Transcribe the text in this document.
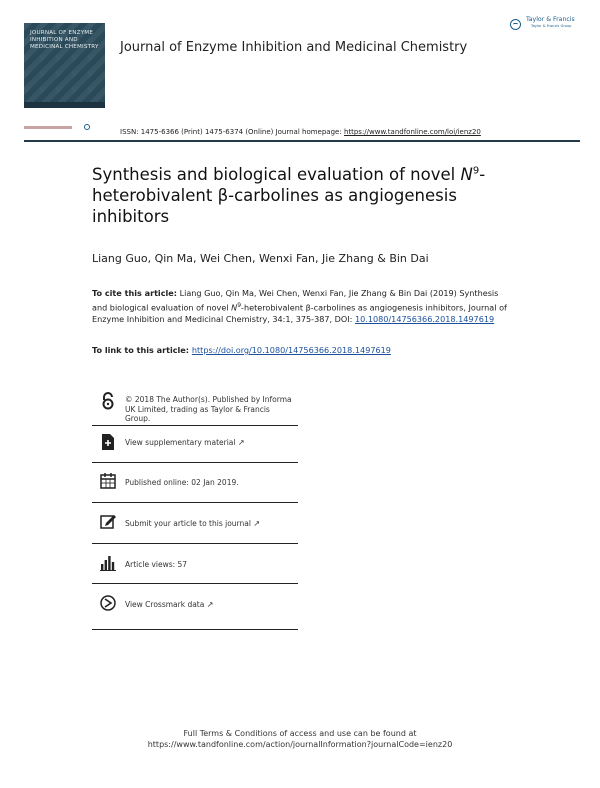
JOURNAL OF ENZYME INHIBITION AND MEDICINAL CHEMISTRY Journal of Enzyme Inhibition and Medicinal Chemistry
Taylor & Francis
Taylor & Francis Group
ISSN: 1475-6366 (Print) 1475-6374 (Online) Journal homepage: https://www.tandfonline.com/loi/ienz20
Synthesis and biological evaluation of novel $N^9$-heterobivalent β-carbolines as angiogenesis inhibitors
Liang Guo, Qin Ma, Wei Chen, Wenxi Fan, Jie Zhang & Bin Dai
To cite this article: Liang Guo, Qin Ma, Wei Chen, Wenxi Fan, Jie Zhang & Bin Dai (2019) Synthesis and biological evaluation of novel $N^9$-heterobivalent β-carbolines as angiogenesis inhibitors, Journal of Enzyme Inhibition and Medicinal Chemistry, 34:1, 375-387, DOI: 10.1080/14756366.2018.1497619
To link to this article: https://doi.org/10.1080/14756366.2018.1497619
© 2018 The Author(s). Published by Informa UK Limited, trading as Taylor & Francis Group.
View supplementary material ↗
Published online: 02 Jan 2019.
Submit your article to this journal ↗
Article views: 57
View Crossmark data ↗
Full Terms & Conditions of access and use can be found at
https://www.tandfonline.com/action/journalInformation?journalCode=ienz20
